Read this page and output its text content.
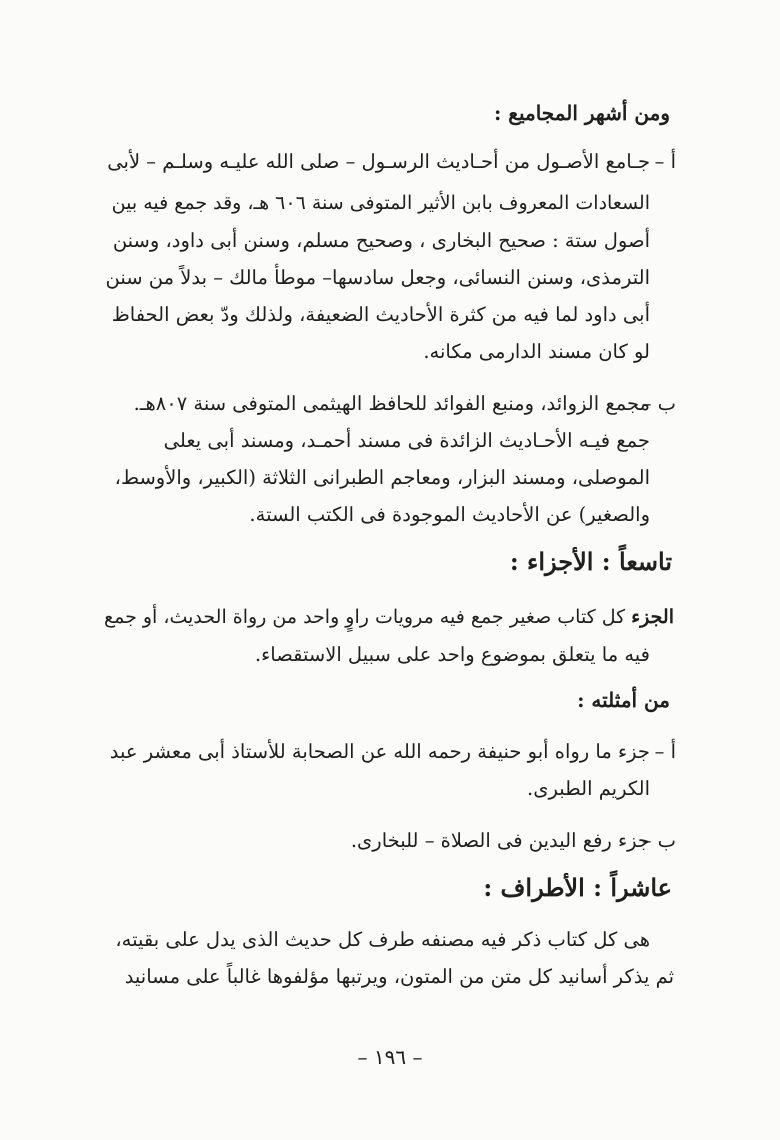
ومن أشهر المجاميع :
أ –

جـامع الأصـول من أحـاديث الرسـول – صلى الله عليـه وسلـم – لأبى

السعادات المعروف بابن الأثير المتوفى سنة ٦٠٦ هـ، وقد جمع فيه بين

أصول ستة : صحيح البخارى ، وصحيح مسلم، وسنن أبى داود، وسنن

الترمذى، وسنن النسائى، وجعل سادسها– موطأ مالك – بدلاً من سنن

أبى داود لما فيه من كثرة الأحاديث الضعيفة، ولذلك ودّ بعض الحفاظ

لو كان مسند الدارمى مكانه.

ب –

مجمع الزوائد، ومنبع الفوائد للحافظ الهيثمى المتوفى سنة ٨٠٧هـ.

جمع فيـه الأحـاديث الزائدة فى مسند أحمـد، ومسند أبى يعلى

الموصلى، ومسند البزار، ومعاجم الطبرانى الثلاثة (الكبير، والأوسط،

والصغير) عن الأحاديث الموجودة فى الكتب الستة.

تاسعاً : الأجزاء :

الجزء كل كتاب صغير جمع فيه مرويات راوٍ واحد من رواة الحديث، أو جمع

فيه ما يتعلق بموضوع واحد على سبيل الاستقصاء.

من أمثلته :
أ –

جزء ما رواه أبو حنيفة رحمه الله عن الصحابة للأستاذ أبى معشر عبد

الكريم الطبرى.

ب –

جزء رفع اليدين فى الصلاة – للبخارى.

عاشراً : الأطراف :

هى كل كتاب ذكر فيه مصنفه طرف كل حديث الذى يدل على بقيته،

ثم يذكر أسانيد كل متن من المتون، ويرتبها مؤلفوها غالباً على مسانيد

– ١٩٦ –
